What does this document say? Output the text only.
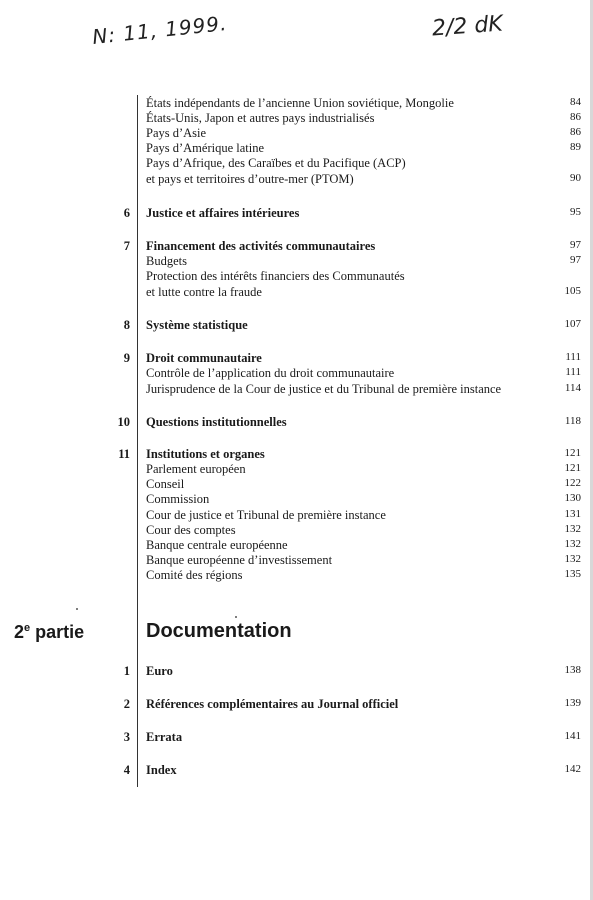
N: 11, 1999.	2/2 dK
États indépendants de l’ancienne Union soviétique, Mongolie	84
États-Unis, Japon et autres pays industrialisés	86
Pays d’Asie	86
Pays d’Amérique latine	89
Pays d’Afrique, des Caraïbes et du Pacifique (ACP)
et pays et territoires d’outre-mer (PTOM)	90
6 Justice et affaires intérieures	95
7 Financement des activités communautaires	97
Budgets	97
Protection des intérêts financiers des Communautés
et lutte contre la fraude	105
8 Système statistique	107
9 Droit communautaire	111
Contrôle de l’application du droit communautaire	111
Jurisprudence de la Cour de justice et du Tribunal de première instance	114
10 Questions institutionnelles	118
11 Institutions et organes	121
Parlement européen	121
Conseil	122
Commission	130
Cour de justice et Tribunal de première instance	131
Cour des comptes	132
Banque centrale européenne	132
Banque européenne d’investissement	132
Comité des régions	135
2e partie	Documentation
1 Euro	138
2 Références complémentaires au Journal officiel	139
3 Errata	141
4 Index	142
